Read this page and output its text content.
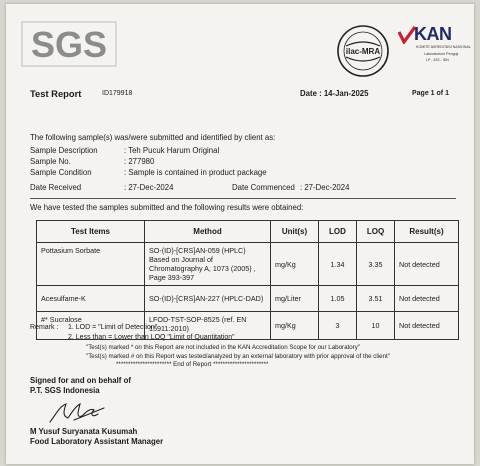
SGS	ilac-MRA
KAN
KOMITE AKREDITASI NASIONAL
Laboratorium Penguji
LP - 432 - IDN
Test Report	ID179918	Date : 14-Jan-2025	Page 1 of 1
The following sample(s) was/were submitted and identified by client as:
Sample Description	: Teh Pucuk Harum Original
Sample No.	: 277980
Sample Condition	: Sample is contained in product package
Date Received	: 27-Dec-2024	Date Commenced : 27-Dec-2024
We have tested the samples submitted and the following results were obtained:
Test Items	Method	Unit(s)	LOD	LOQ	Result(s)
Pottasium Sorbate	SO-(ID)-[CRS]AN-059 (HPLC) Based on Journal of Chromatography A, 1073 (2005) , Page 393-397	mg/Kg	1.34	3.35	Not detected
Acesulfame-K	SO-(ID)-[CRS]AN-227 (HPLC-DAD)	mg/Liter	1.05	3.51	Not detected
#* Sucralose	LFOD-TST-SOP-8525 (ref. EN 15911:2010)	mg/Kg	3	10	Not detected
Remark : 1. LOD = "Limit of Detection"
2. Less than = Lower than LOQ "Limit of Quantitation"
"Test(s) marked * on this Report are not included in the KAN Accreditation Scope for our Laboratory"
"Test(s) marked # on this Report was tested/analyzed by an external laboratory with prior approval of the client"
*********************** End of Report ***********************
Signed for and on behalf of
P.T. SGS Indonesia
M Yusuf Suryanata Kusumah
Food Laboratory Assistant Manager
